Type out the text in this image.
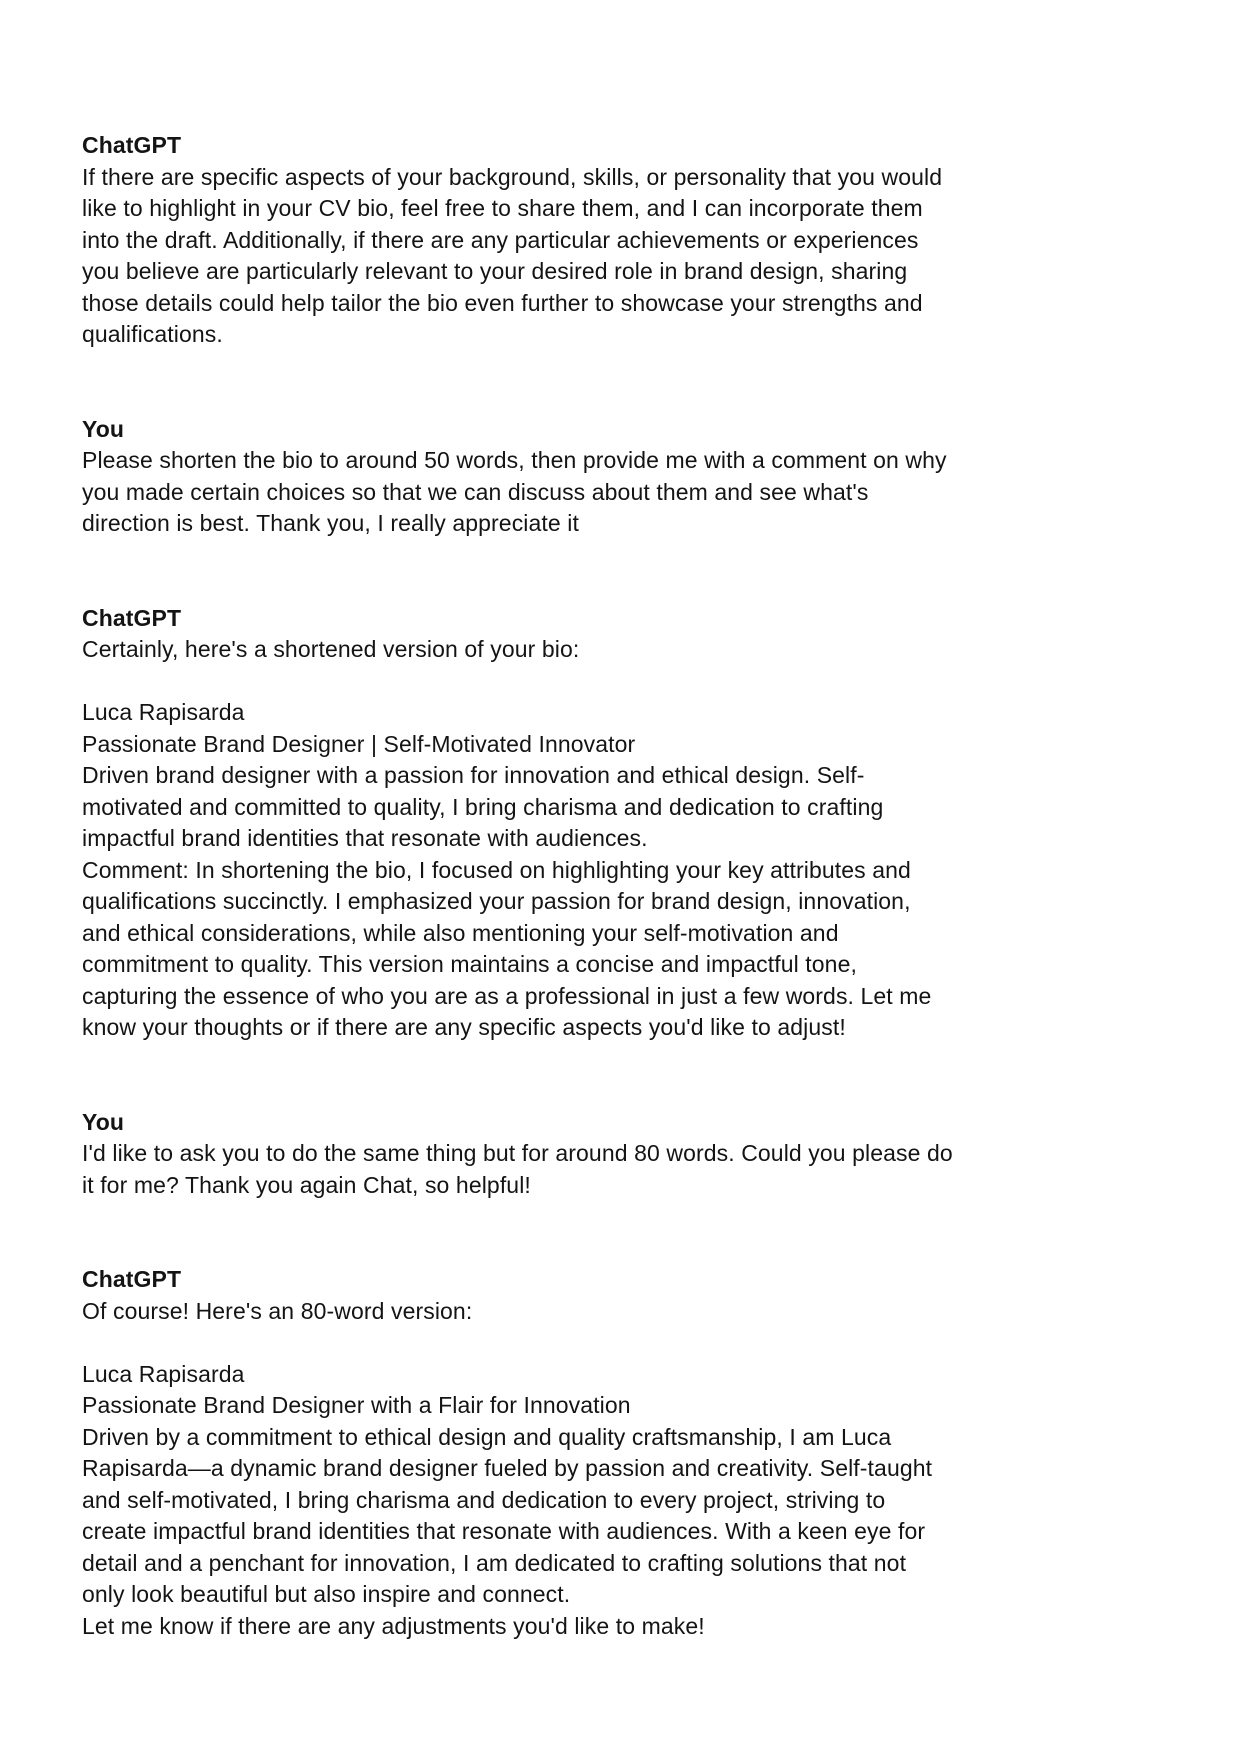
ChatGPT
If there are specific aspects of your background, skills, or personality that you would
like to highlight in your CV bio, feel free to share them, and I can incorporate them
into the draft. Additionally, if there are any particular achievements or experiences
you believe are particularly relevant to your desired role in brand design, sharing
those details could help tailor the bio even further to showcase your strengths and
qualifications.
You
Please shorten the bio to around 50 words, then provide me with a comment on why
you made certain choices so that we can discuss about them and see what's
direction is best. Thank you, I really appreciate it
ChatGPT
Certainly, here's a shortened version of your bio:
Luca Rapisarda
Passionate Brand Designer | Self-Motivated Innovator
Driven brand designer with a passion for innovation and ethical design. Self-
motivated and committed to quality, I bring charisma and dedication to crafting
impactful brand identities that resonate with audiences.
Comment: In shortening the bio, I focused on highlighting your key attributes and
qualifications succinctly. I emphasized your passion for brand design, innovation,
and ethical considerations, while also mentioning your self-motivation and
commitment to quality. This version maintains a concise and impactful tone,
capturing the essence of who you are as a professional in just a few words. Let me
know your thoughts or if there are any specific aspects you'd like to adjust!
You
I'd like to ask you to do the same thing but for around 80 words. Could you please do
it for me? Thank you again Chat, so helpful!
ChatGPT
Of course! Here's an 80-word version:
Luca Rapisarda
Passionate Brand Designer with a Flair for Innovation
Driven by a commitment to ethical design and quality craftsmanship, I am Luca
Rapisarda—a dynamic brand designer fueled by passion and creativity. Self-taught
and self-motivated, I bring charisma and dedication to every project, striving to
create impactful brand identities that resonate with audiences. With a keen eye for
detail and a penchant for innovation, I am dedicated to crafting solutions that not
only look beautiful but also inspire and connect.
Let me know if there are any adjustments you'd like to make!
